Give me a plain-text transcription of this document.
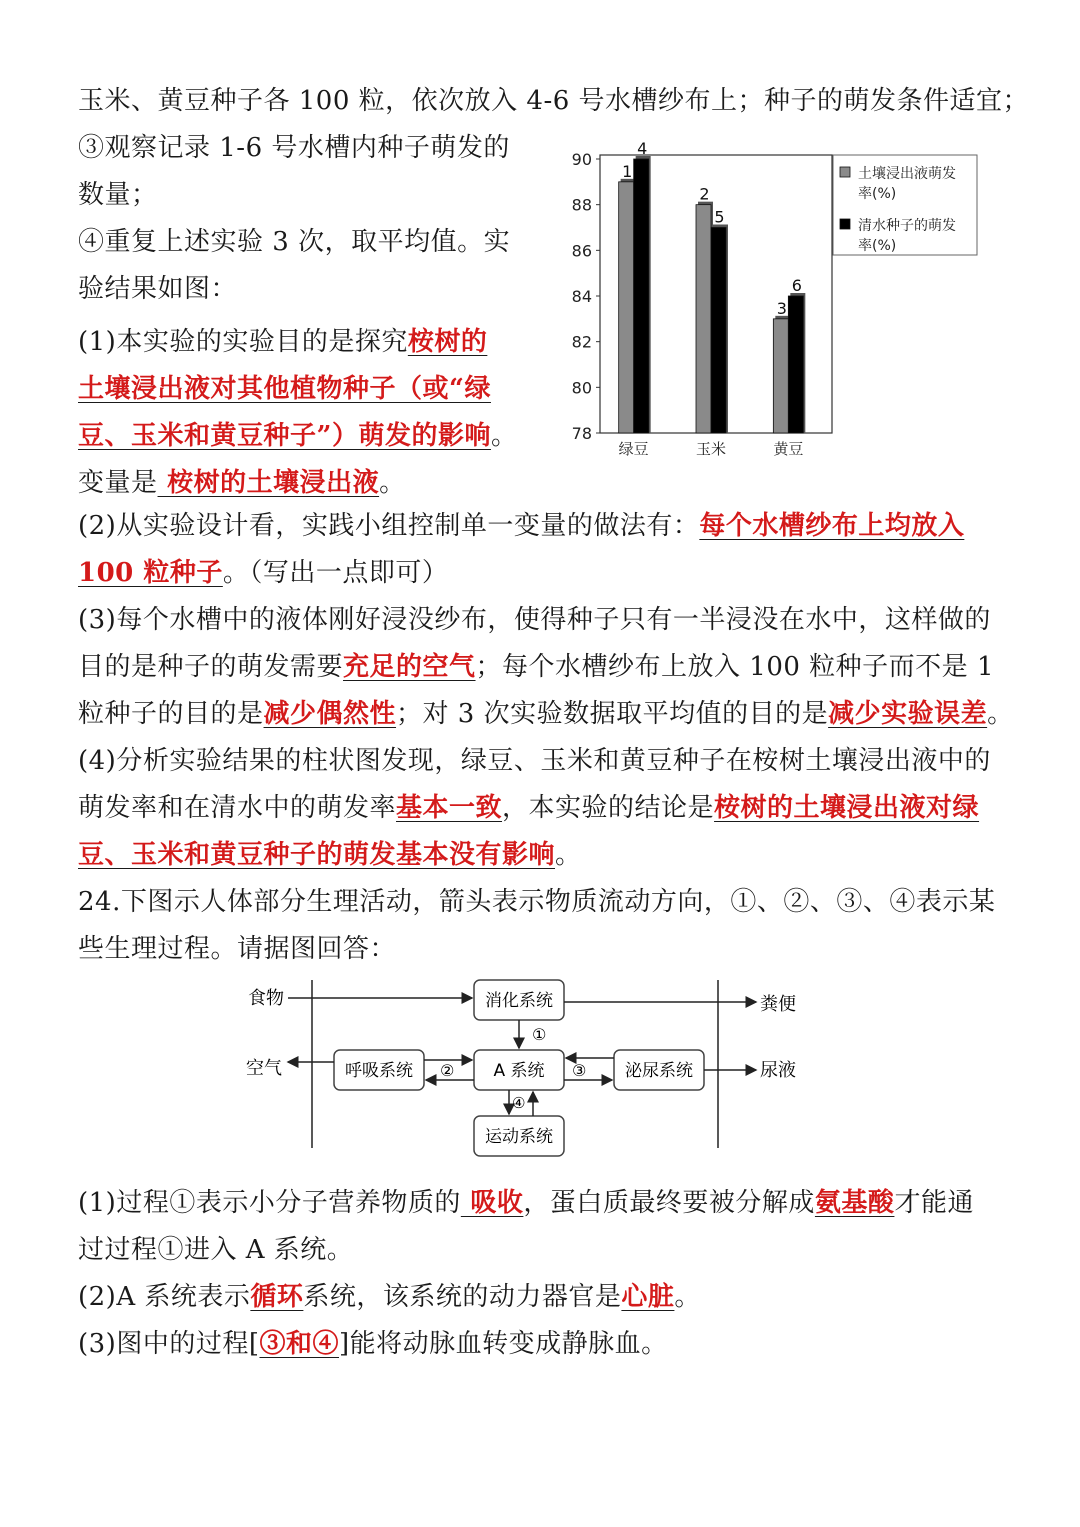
玉米、黄豆种子各 100 粒，依次放入 4-6 号水槽纱布上；种子的萌发条件适宜；
③观察记录 1-6 号水槽内种子萌发的
数量；
④重复上述实验 3 次，取平均值。实
验结果如图：
(1)本实验的实验目的是探究桉树的
土壤浸出液对其他植物种子（或“绿
豆、玉米和黄豆种子”）萌发的影响。
变量是 桉树的土壤浸出液。
(2)从实验设计看，实践小组控制单一变量的做法有：每个水槽纱布上均放入
100 粒种子。（写出一点即可）
(3)每个水槽中的液体刚好浸没纱布，使得种子只有一半浸没在水中，这样做的
目的是种子的萌发需要充足的空气；每个水槽纱布上放入 100 粒种子而不是 1
粒种子的目的是减少偶然性；对 3 次实验数据取平均值的目的是减少实验误差。
(4)分析实验结果的柱状图发现，绿豆、玉米和黄豆种子在桉树土壤浸出液中的
萌发率和在清水中的萌发率基本一致，本实验的结论是桉树的土壤浸出液对绿
豆、玉米和黄豆种子的萌发基本没有影响。
24.下图示人体部分生理活动，箭头表示物质流动方向，①、②、③、④表示某
些生理过程。请据图回答：
(1)过程①表示小分子营养物质的 吸收，蛋白质最终要被分解成氨基酸才能通
过过程①进入 A 系统。
(2)A 系统表示循环系统，该系统的动力器官是心脏。
(3)图中的过程[③和④]能将动脉血转变成静脉血。
78
80
82
84
86
88
90
1
4
2
5
3
6
绿豆	玉米	黄豆
土壤浸出液萌发
率(%)
清水种子的萌发
率(%)
消化系统
呼吸系统	A 系统	泌尿系统
运动系统
食物
空气
粪便
尿液
①
②	③
④
